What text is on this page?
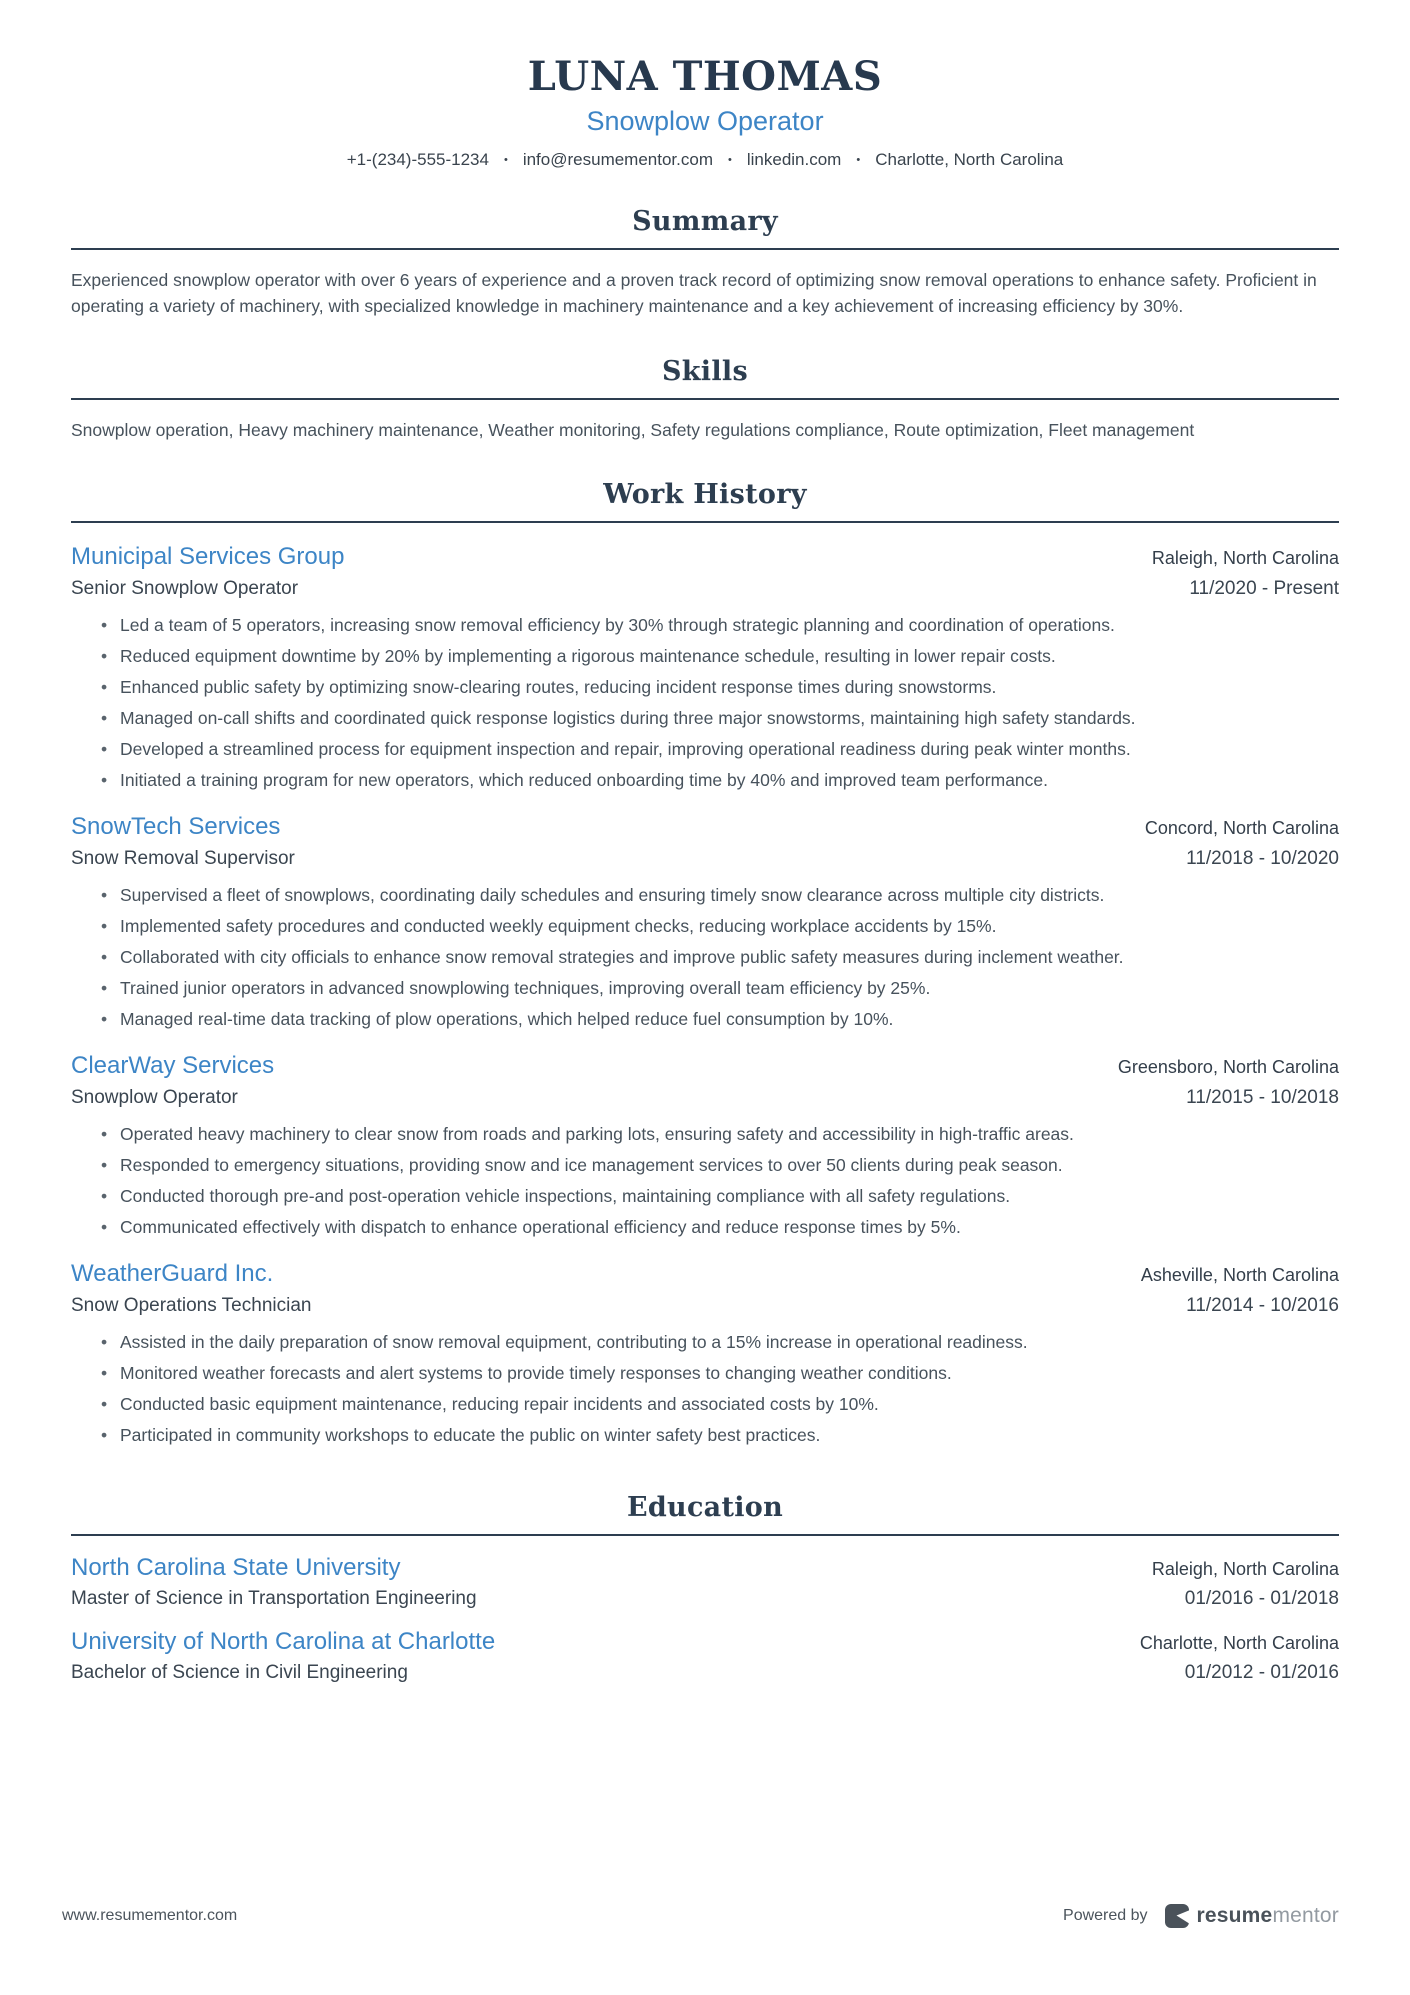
LUNA THOMAS
Snowplow Operator
+1-(234)-555-1234 • info@resumementor.com • linkedin.com • Charlotte, North Carolina
Summary
Experienced snowplow operator with over 6 years of experience and a proven track record of optimizing snow removal operations to enhance safety. Proficient in operating a variety of machinery, with specialized knowledge in machinery maintenance and a key achievement of increasing efficiency by 30%.
Skills
Snowplow operation, Heavy machinery maintenance, Weather monitoring, Safety regulations compliance, Route optimization, Fleet management
Work History
Municipal Services Group	Raleigh, North Carolina
Senior Snowplow Operator	11/2020 - Present
• Led a team of 5 operators, increasing snow removal efficiency by 30% through strategic planning and coordination of operations.
• Reduced equipment downtime by 20% by implementing a rigorous maintenance schedule, resulting in lower repair costs.
• Enhanced public safety by optimizing snow-clearing routes, reducing incident response times during snowstorms.
• Managed on-call shifts and coordinated quick response logistics during three major snowstorms, maintaining high safety standards.
• Developed a streamlined process for equipment inspection and repair, improving operational readiness during peak winter months.
• Initiated a training program for new operators, which reduced onboarding time by 40% and improved team performance.
SnowTech Services	Concord, North Carolina
Snow Removal Supervisor	11/2018 - 10/2020
• Supervised a fleet of snowplows, coordinating daily schedules and ensuring timely snow clearance across multiple city districts.
• Implemented safety procedures and conducted weekly equipment checks, reducing workplace accidents by 15%.
• Collaborated with city officials to enhance snow removal strategies and improve public safety measures during inclement weather.
• Trained junior operators in advanced snowplowing techniques, improving overall team efficiency by 25%.
• Managed real-time data tracking of plow operations, which helped reduce fuel consumption by 10%.
ClearWay Services	Greensboro, North Carolina
Snowplow Operator	11/2015 - 10/2018
• Operated heavy machinery to clear snow from roads and parking lots, ensuring safety and accessibility in high-traffic areas.
• Responded to emergency situations, providing snow and ice management services to over 50 clients during peak season.
• Conducted thorough pre-and post-operation vehicle inspections, maintaining compliance with all safety regulations.
• Communicated effectively with dispatch to enhance operational efficiency and reduce response times by 5%.
WeatherGuard Inc.	Asheville, North Carolina
Snow Operations Technician	11/2014 - 10/2016
• Assisted in the daily preparation of snow removal equipment, contributing to a 15% increase in operational readiness.
• Monitored weather forecasts and alert systems to provide timely responses to changing weather conditions.
• Conducted basic equipment maintenance, reducing repair incidents and associated costs by 10%.
• Participated in community workshops to educate the public on winter safety best practices.
Education
North Carolina State University	Raleigh, North Carolina
Master of Science in Transportation Engineering	01/2016 - 01/2018
University of North Carolina at Charlotte	Charlotte, North Carolina
Bachelor of Science in Civil Engineering	01/2012 - 01/2016
www.resumementor.com	Powered by resumementor
